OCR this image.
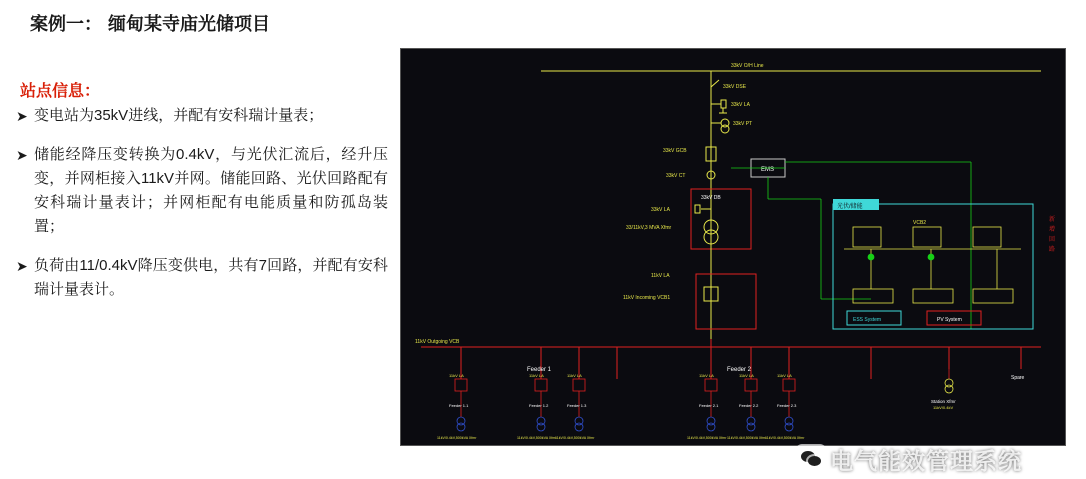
案例一： 缅甸某寺庙光储项目
站点信息：
➤ 变电站为35kV进线，并配有安科瑞计量表；
➤ 储能经降压变转换为0.4kV，与光伏汇流后，经升压变，并网柜接入11kV并网。储能回路、光伏回路配有安科瑞计量表计；并网柜配有电能质量和防孤岛装置；
➤ 负荷由11/0.4kV降压变供电，共有7回路，并配有安科瑞计量表计。
33kV O/H Line
33kV DSE
33kV LA
33kV PT
33kV GCB
33kV CT
EMS
33kV DB
33kV LA
33/11kV,3 MVA Xfmr
11kV LA
11kV Incoming VCB1
11kV Outgoing VCB
Feeder 1	Feeder 2
11kV LA	11kV LA	11kV LA
Feeder 1.1	Feeder 1.2	Feeder 1.3
11kV/0.4kV,500kVA Xfmr	11kV/0.4kV,500kVA Xfmr
11kV/0.4kV,500kVA Xfmr
11kV LA	11kV LA	11kV LA
Feeder 2.1	Feeder 2.2	Feeder 2.3
11kV/0.4kV,500kVA Xfmr 11kV/0.4kV,500kVA Xfmr
11kV/0.4kV,500kVA Xfmr
Station Xfmr
11kV/0.4kV
Spare
光伏/储能
VCB2
ESS System	PV System
新
增
回
路
电气能效管理系统
